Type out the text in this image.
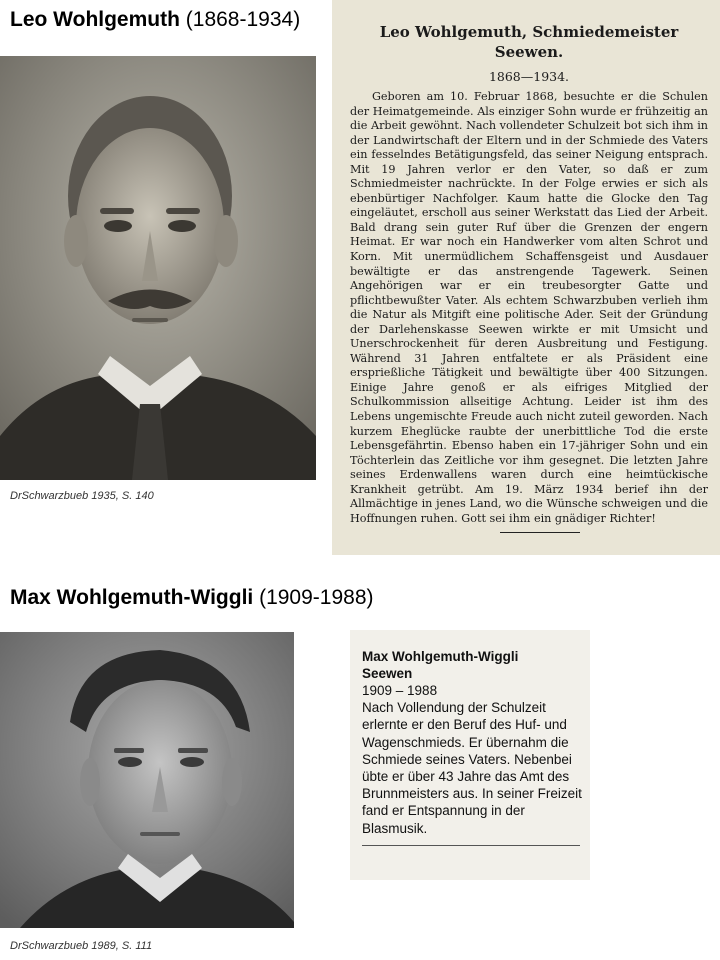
Leo Wohlgemuth (1868-1934)
DrSchwarzbueb 1935, S. 140
Leo Wohlgemuth, Schmiedemeister Seewen.
1868—1934.

Geboren am 10. Februar 1868, besuchte er die Schulen der Heimatgemeinde. Als einziger Sohn wurde er frühzeitig an die Arbeit gewöhnt. Nach vollendeter Schulzeit bot sich ihm in der Landwirtschaft der Eltern und in der Schmiede des Vaters ein fesselndes Betätigungsfeld, das seiner Neigung entsprach. Mit 19 Jahren verlor er den Vater, so daß er zum Schmiedmeister nachrückte. In der Folge erwies er sich als ebenbürtiger Nachfolger. Kaum hatte die Glocke den Tag eingeläutet, erscholl aus seiner Werkstatt das Lied der Arbeit. Bald drang sein guter Ruf über die Grenzen der engern Heimat. Er war noch ein Handwerker vom alten Schrot und Korn. Mit unermüdlichem Schaffensgeist und Ausdauer bewältigte er das anstrengende Tagewerk. Seinen Angehörigen war er ein treubesorgter Gatte und pflichtbewußter Vater. Als echtem Schwarzbuben verlieh ihm die Natur als Mitgift eine politische Ader. Seit der Gründung der Darlehenskasse Seewen wirkte er mit Umsicht und Unerschrockenheit für deren Ausbreitung und Festigung. Während 31 Jahren entfaltete er als Präsident eine ersprießliche Tätigkeit und bewältigte über 400 Sitzungen. Einige Jahre genoß er als eifriges Mitglied der Schulkommission allseitige Achtung. Leider ist ihm des Lebens ungemischte Freude auch nicht zuteil geworden. Nach kurzem Eheglücke raubte der unerbittliche Tod die erste Lebensgefährtin. Ebenso haben ein 17-jähriger Sohn und ein Töchterlein das Zeitliche vor ihm gesegnet. Die letzten Jahre seines Erdenwallens waren durch eine heimtückische Krankheit getrübt. Am 19. März 1934 berief ihn der Allmächtige in jenes Land, wo die Wünsche schweigen und die Hoffnungen ruhen. Gott sei ihm ein gnädiger Richter!

Max Wohlgemuth-Wiggli (1909-1988)
DrSchwarzbueb 1989, S. 111
Max Wohlgemuth-Wiggli
Seewen
1909 – 1988

Nach Vollendung der Schulzeit erlernte er den Beruf des Huf- und Wagenschmieds. Er übernahm die Schmiede seines Vaters. Nebenbei übte er über 43 Jahre das Amt des Brunnmeisters aus. In seiner Freizeit fand er Entspannung in der Blasmusik.
